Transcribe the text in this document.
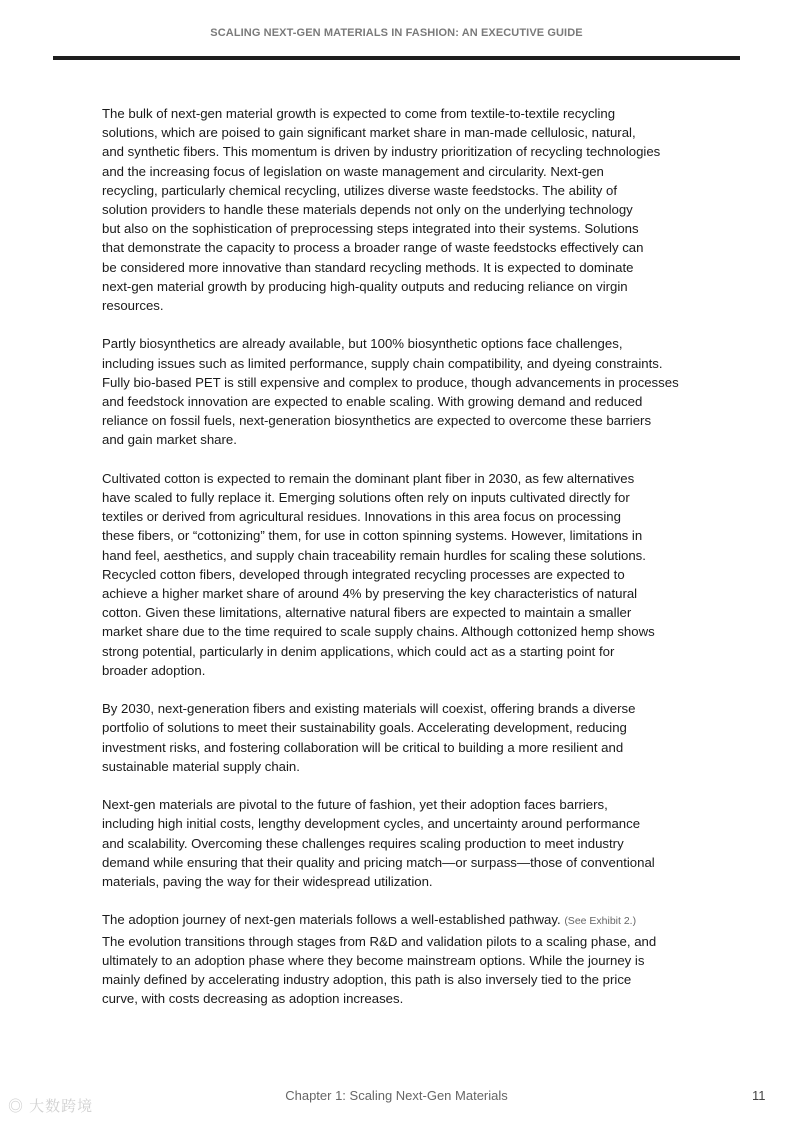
SCALING NEXT-GEN MATERIALS IN FASHION: AN EXECUTIVE GUIDE

The bulk of next-gen material growth is expected to come from textile-to-textile recycling
solutions, which are poised to gain significant market share in man-made cellulosic, natural,
and synthetic fibers. This momentum is driven by industry prioritization of recycling technologies
and the increasing focus of legislation on waste management and circularity. Next-gen
recycling, particularly chemical recycling, utilizes diverse waste feedstocks. The ability of
solution providers to handle these materials depends not only on the underlying technology
but also on the sophistication of preprocessing steps integrated into their systems. Solutions
that demonstrate the capacity to process a broader range of waste feedstocks effectively can
be considered more innovative than standard recycling methods. It is expected to dominate
next-gen material growth by producing high-quality outputs and reducing reliance on virgin
resources.

Partly biosynthetics are already available, but 100% biosynthetic options face challenges,
including issues such as limited performance, supply chain compatibility, and dyeing constraints.
Fully bio-based PET is still expensive and complex to produce, though advancements in processes
and feedstock innovation are expected to enable scaling. With growing demand and reduced
reliance on fossil fuels, next-generation biosynthetics are expected to overcome these barriers
and gain market share.

Cultivated cotton is expected to remain the dominant plant fiber in 2030, as few alternatives
have scaled to fully replace it. Emerging solutions often rely on inputs cultivated directly for
textiles or derived from agricultural residues. Innovations in this area focus on processing
these fibers, or “cottonizing” them, for use in cotton spinning systems. However, limitations in
hand feel, aesthetics, and supply chain traceability remain hurdles for scaling these solutions.
Recycled cotton fibers, developed through integrated recycling processes are expected to
achieve a higher market share of around 4% by preserving the key characteristics of natural
cotton. Given these limitations, alternative natural fibers are expected to maintain a smaller
market share due to the time required to scale supply chains. Although cottonized hemp shows
strong potential, particularly in denim applications, which could act as a starting point for
broader adoption.

By 2030, next-generation fibers and existing materials will coexist, offering brands a diverse
portfolio of solutions to meet their sustainability goals. Accelerating development, reducing
investment risks, and fostering collaboration will be critical to building a more resilient and
sustainable material supply chain.

Next-gen materials are pivotal to the future of fashion, yet their adoption faces barriers,
including high initial costs, lengthy development cycles, and uncertainty around performance
and scalability. Overcoming these challenges requires scaling production to meet industry
demand while ensuring that their quality and pricing match—or surpass—those of conventional
materials, paving the way for their widespread utilization.

The adoption journey of next-gen materials follows a well-established pathway. (See Exhibit 2.)
The evolution transitions through stages from R&D and validation pilots to a scaling phase, and
ultimately to an adoption phase where they become mainstream options. While the journey is
mainly defined by accelerating industry adoption, this path is also inversely tied to the price
curve, with costs decreasing as adoption increases.

Chapter 1: Scaling Next-Gen Materials	11
◎ 大数跨境
